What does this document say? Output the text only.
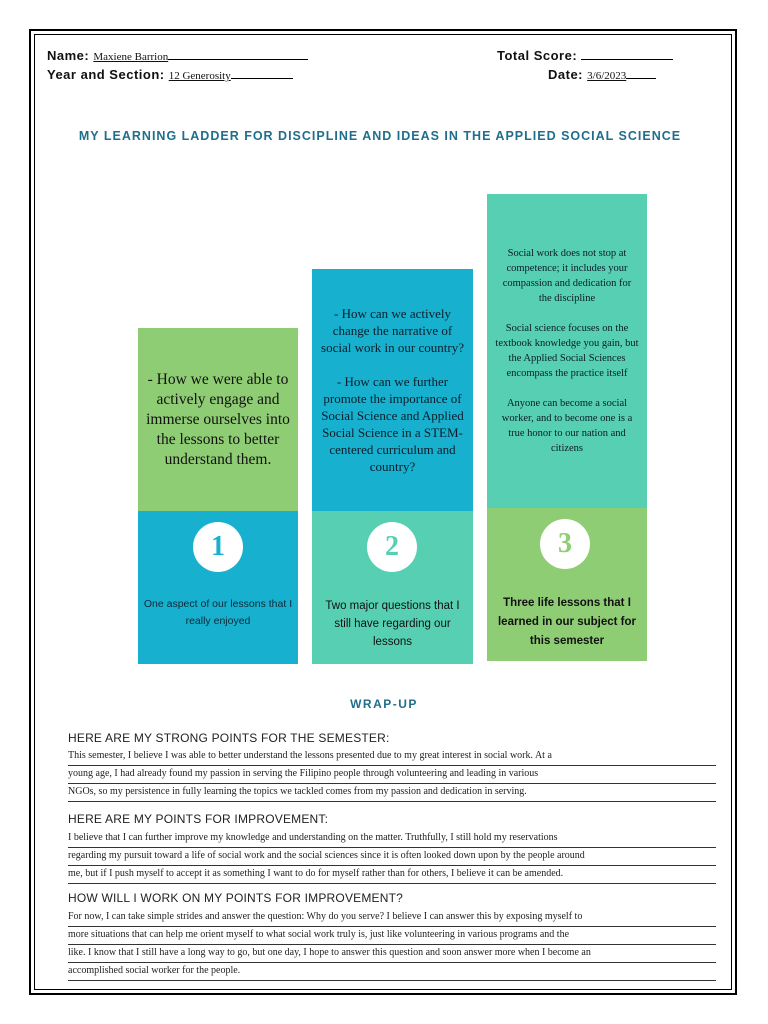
Name: Maxiene Barrion
Year and Section: 12 Generosity
Total Score:
Date: 3/6/2023
MY LEARNING LADDER FOR DISCIPLINE AND IDEAS IN THE APPLIED SOCIAL SCIENCE
- How we were able to actively engage and immerse ourselves into the lessons to better understand them.
1
One aspect of our lessons that I really enjoyed
- How can we actively change the narrative of social work in our country?
- How can we further promote the importance of Social Science and Applied Social Science in a STEM-centered curriculum and country?
2
Two major questions that I still have regarding our lessons
Social work does not stop at competence; it includes your compassion and dedication for the discipline
Social science focuses on the textbook knowledge you gain, but the Applied Social Sciences encompass the practice itself
Anyone can become a social worker, and to become one is a true honor to our nation and citizens
3
Three life lessons that I learned in our subject for this semester
WRAP-UP
HERE ARE MY STRONG POINTS FOR THE SEMESTER:
This semester, I believe I was able to better understand the lessons presented due to my great interest in social work. At a
young age, I had already found my passion in serving the Filipino people through volunteering and leading in various
NGOs, so my persistence in fully learning the topics we tackled comes from my passion and dedication in serving.
HERE ARE MY POINTS FOR IMPROVEMENT:
I believe that I can further improve my knowledge and understanding on the matter. Truthfully, I still hold my reservations
regarding my pursuit toward a life of social work and the social sciences since it is often looked down upon by the people around
me, but if I push myself to accept it as something I want to do for myself rather than for others, I believe it can be amended.
HOW WILL I WORK ON MY POINTS FOR IMPROVEMENT?
For now, I can take simple strides and answer the question: Why do you serve? I believe I can answer this by exposing myself to
more situations that can help me orient myself to what social work truly is, just like volunteering in various programs and the
like. I know that I still have a long way to go, but one day, I hope to answer this question and soon answer more when I become an
accomplished social worker for the people.
